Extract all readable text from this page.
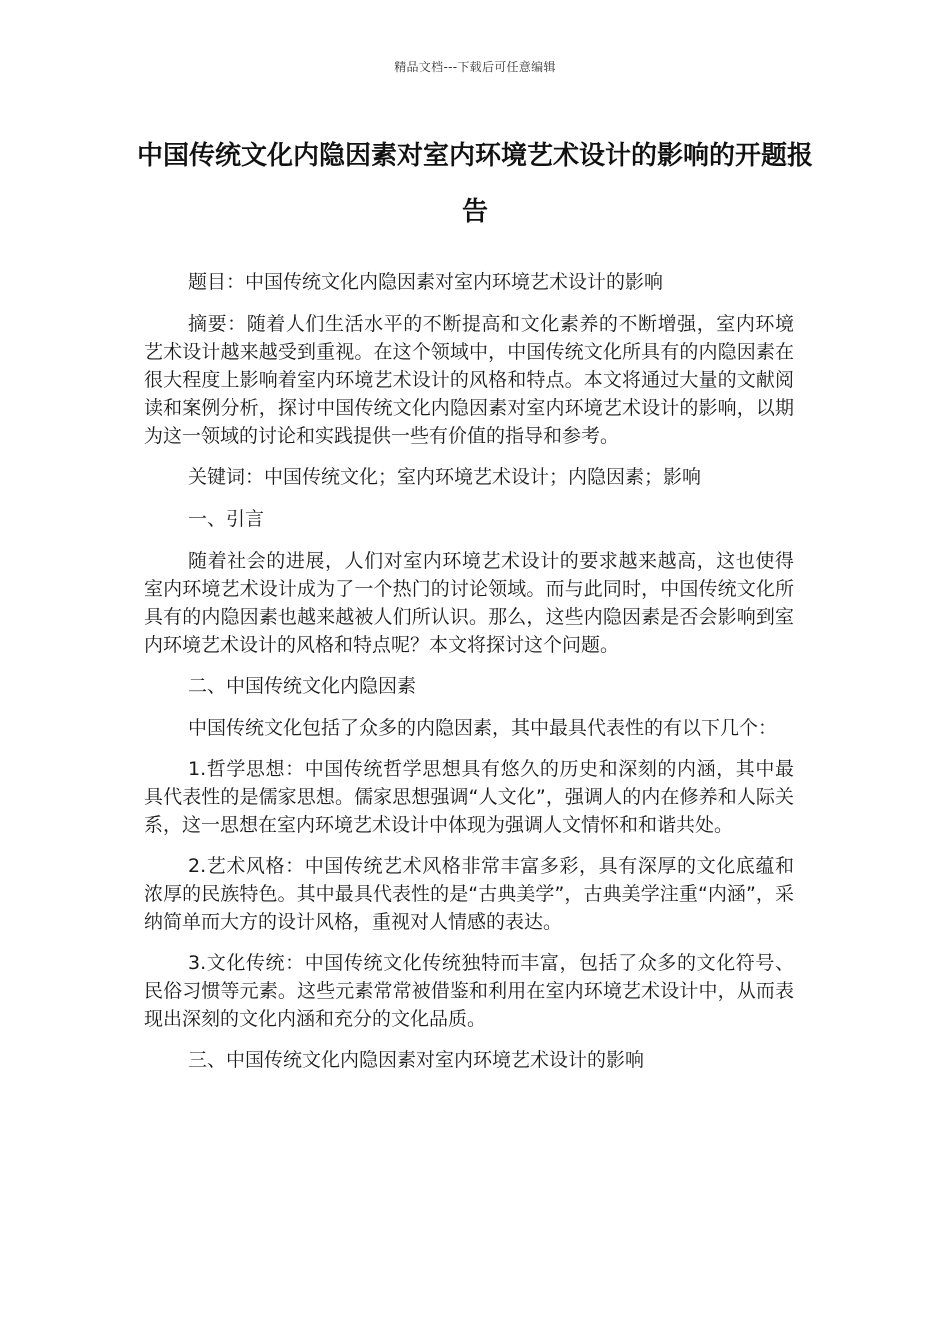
精品文档---下载后可任意编辑
中国传统文化内隐因素对室内环境艺术设计的影响的开题报告

题目：中国传统文化内隐因素对室内环境艺术设计的影响

摘要：随着人们生活水平的不断提高和文化素养的不断增强，室内环境艺术设计越来越受到重视。在这个领域中，中国传统文化所具有的内隐因素在很大程度上影响着室内环境艺术设计的风格和特点。本文将通过大量的文献阅读和案例分析，探讨中国传统文化内隐因素对室内环境艺术设计的影响，以期为这一领域的讨论和实践提供一些有价值的指导和参考。

关键词：中国传统文化；室内环境艺术设计；内隐因素；影响

一、引言

随着社会的进展，人们对室内环境艺术设计的要求越来越高，这也使得室内环境艺术设计成为了一个热门的讨论领域。而与此同时，中国传统文化所具有的内隐因素也越来越被人们所认识。那么，这些内隐因素是否会影响到室内环境艺术设计的风格和特点呢？本文将探讨这个问题。

二、中国传统文化内隐因素

中国传统文化包括了众多的内隐因素，其中最具代表性的有以下几个：

1.哲学思想：中国传统哲学思想具有悠久的历史和深刻的内涵，其中最具代表性的是儒家思想。儒家思想强调“人文化”，强调人的内在修养和人际关系，这一思想在室内环境艺术设计中体现为强调人文情怀和和谐共处。

2.艺术风格：中国传统艺术风格非常丰富多彩，具有深厚的文化底蕴和浓厚的民族特色。其中最具代表性的是“古典美学”，古典美学注重“内涵”，采纳简单而大方的设计风格，重视对人情感的表达。

3.文化传统：中国传统文化传统独特而丰富，包括了众多的文化符号、民俗习惯等元素。这些元素常常被借鉴和利用在室内环境艺术设计中，从而表现出深刻的文化内涵和充分的文化品质。

三、中国传统文化内隐因素对室内环境艺术设计的影响
